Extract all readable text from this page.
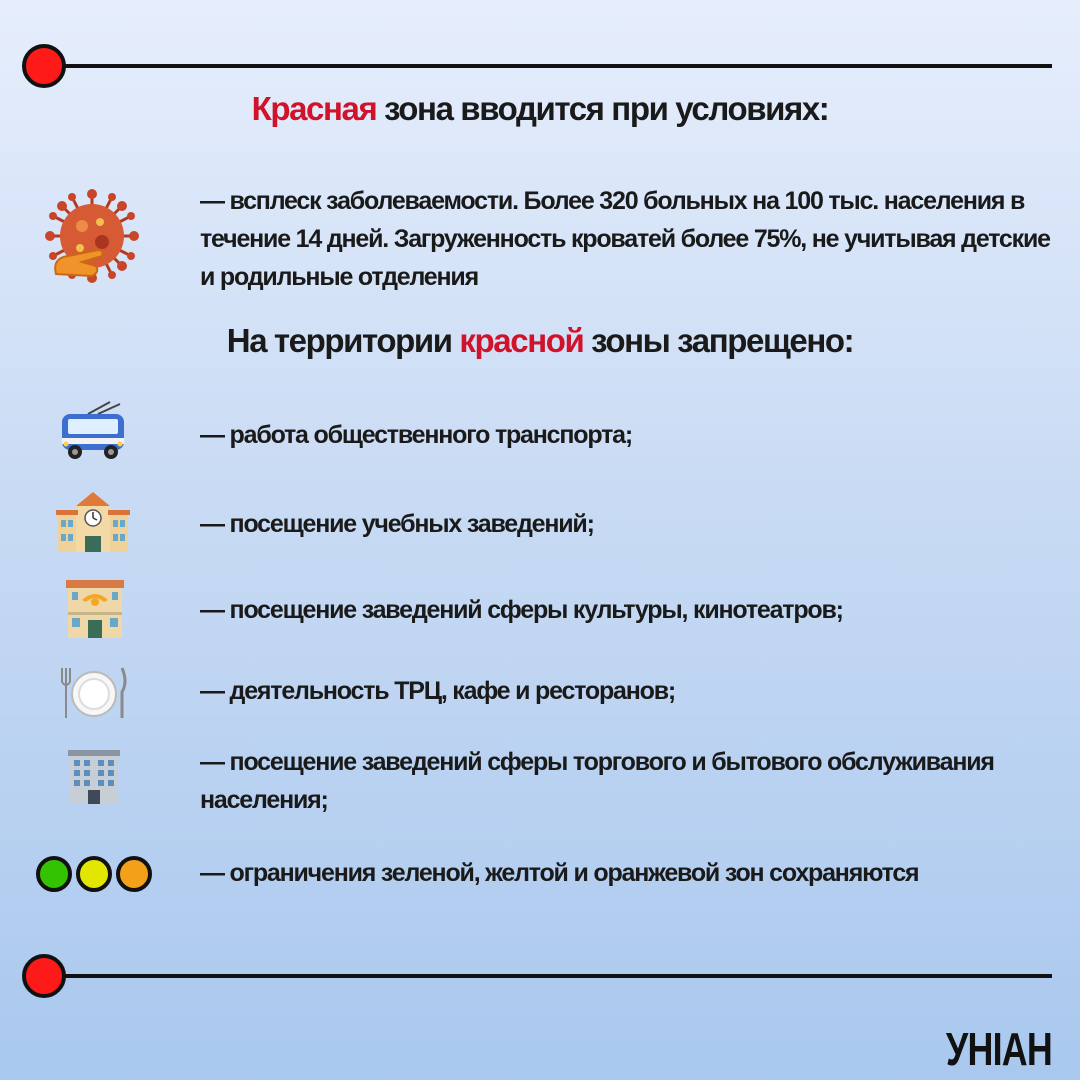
Красная зона вводится при условиях:
— всплеск заболеваемости. Более 320 больных на 100 тыс. населения в течение 14 дней. Загруженность кроватей более 75%, не учитывая детские и родильные отделения
На территории красной зоны запрещено:
— работа общественного транспорта;
— посещение учебных заведений;
— посещение заведений сферы культуры, кинотеатров;
— деятельность ТРЦ, кафе и ресторанов;
— посещение заведений сферы торгового и бытового обслуживания населения;
— ограничения зеленой, желтой и оранжевой зон сохраняются
УНІАН
